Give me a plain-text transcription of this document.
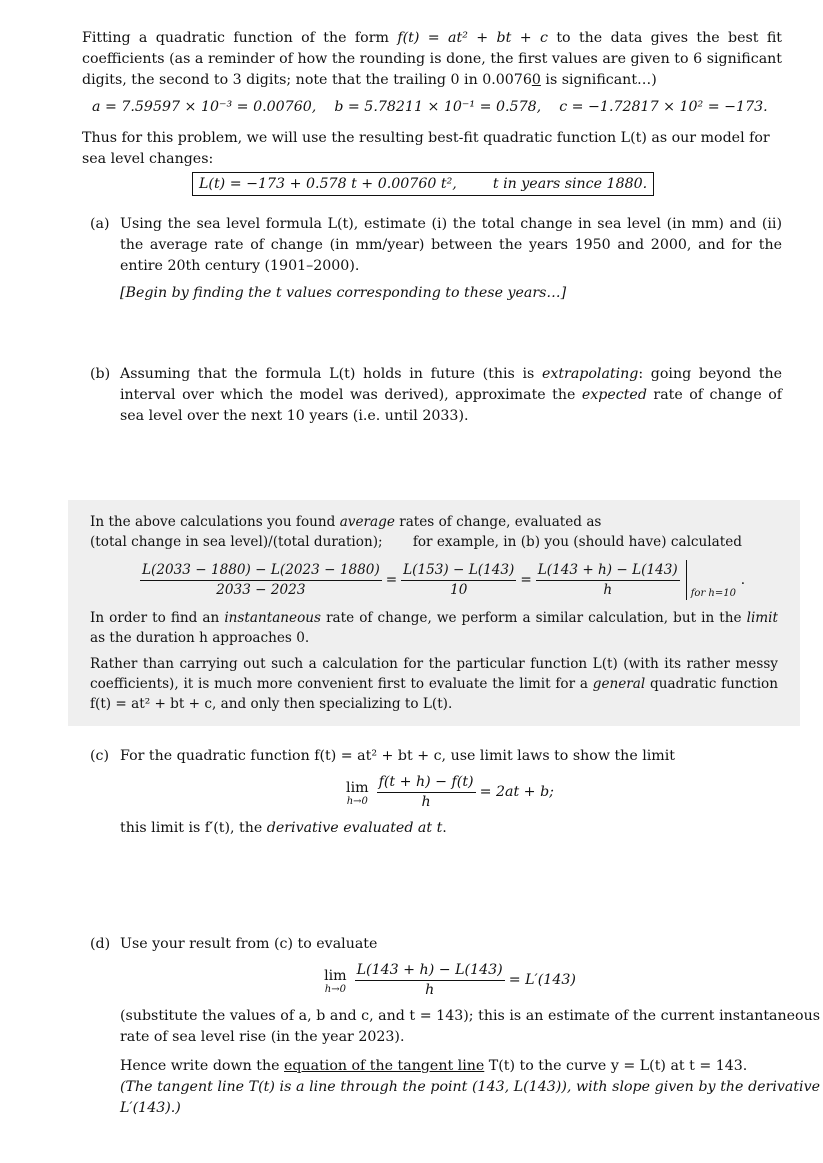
Fitting a quadratic function of the form f(t) = at² + bt + c to the data gives the best fit coefficients (as a reminder of how the rounding is done, the first values are given to 6 significant digits, the second to 3 digits; note that the trailing 0 in 0.00760 is significant…)

a = 7.59597 × 10⁻³ = 0.00760, b = 5.78211 × 10⁻¹ = 0.578, c = −1.72817 × 10² = −173.

Thus for this problem, we will use the resulting best-fit quadratic function L(t) as our model for sea level changes:

L(t) = −173 + 0.578 t + 0.00760 t²,	t in years since 1880.
(a) Using the sea level formula L(t), estimate (i) the total change in sea level (in mm) and (ii) the average rate of change (in mm/year) between the years 1950 and 2000, and for the entire 20th century (1901–2000).

[Begin by finding the t values corresponding to these years…]

(b) Assuming that the formula L(t) holds in future (this is extrapolating: going beyond the interval over which the model was derived), approximate the expected rate of change of sea level over the next 10 years (i.e. until 2033).

In the above calculations you found average rates of change, evaluated as

(total change in sea level)/(total duration); for example, in (b) you (should have) calculated

$\frac{L(2033 - 1880) - L(2023 - 1880)}{2033 - 2023} = \frac{L(153) - L(143)}{10} = \frac{L(143 + h) - L(143)}{h}$ for h=10
.

In order to find an instantaneous rate of change, we perform a similar calculation, but in the limit as the duration h approaches 0.

Rather than carrying out such a calculation for the particular function L(t) (with its rather messy coefficients), it is much more convenient first to evaluate the limit for a general quadratic function f(t) = at² + bt + c, and only then specializing to L(t).

(c) For the quadratic function f(t) = at² + bt + c, use limit laws to show the limit

lim
$h\to 0 \frac{f(t + h) - f(t)}{h} = 2at + b$;

this limit is f′(t), the derivative evaluated at t.

(d) Use your result from (c) to evaluate

lim
$h\to 0 \frac{L(143 + h) - L(143)}{h} = L'(143)$

(substitute the values of a, b and c, and t = 143); this is an estimate of the current instantaneous rate of sea level rise (in the year 2023).

Hence write down the equation of the tangent line T(t) to the curve y = L(t) at t = 143.

(The tangent line T(t) is a line through the point (143, L(143)), with slope given by the derivative L′(143).)
